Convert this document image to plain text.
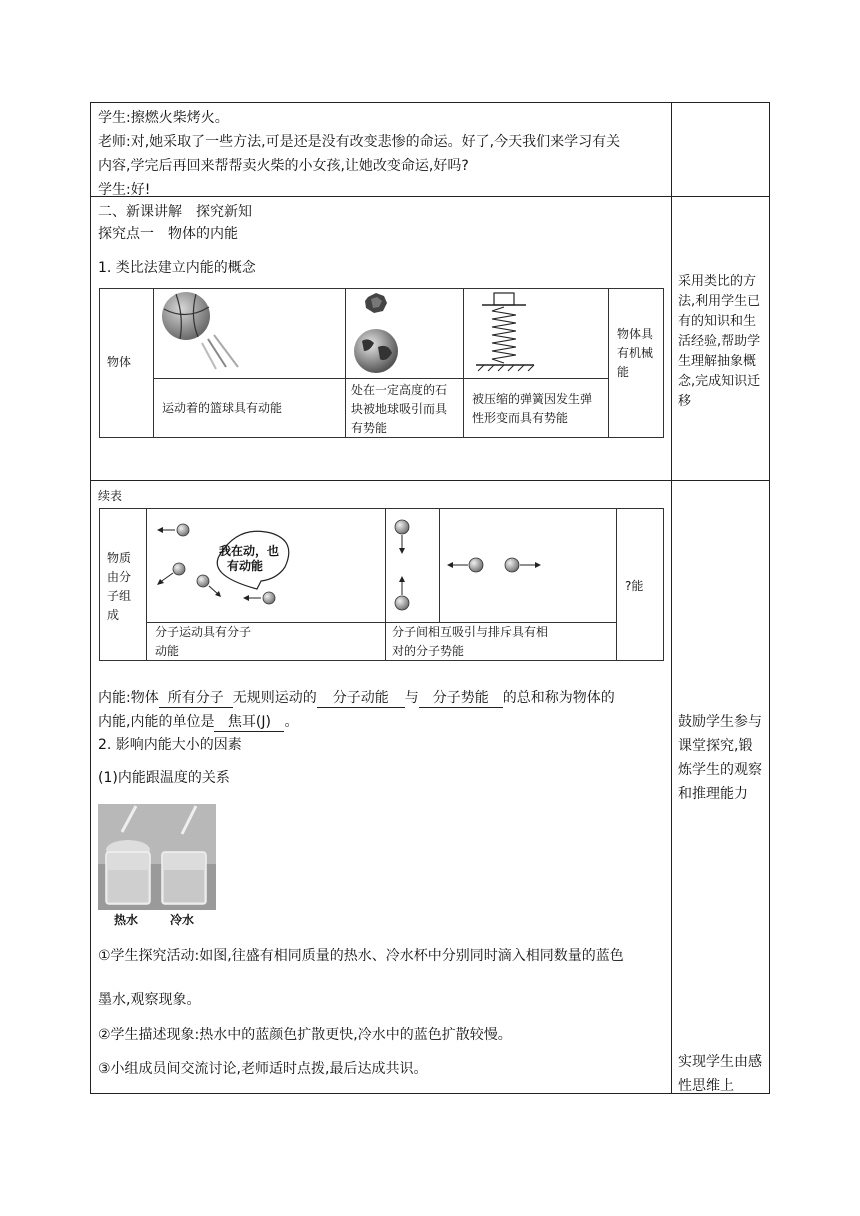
学生:擦燃火柴烤火。
老师:对,她采取了一些方法,可是还是没有改变悲惨的命运。好了,今天我们来学习有关
内容,学完后再回来帮帮卖火柴的小女孩,让她改变命运,好吗?
学生:好!
二、新课讲解　探究新知
探究点一　物体的内能
1. 类比法建立内能的概念
物体
物体具有机械能
运动着的篮球具有动能
处在一定高度的石块被地球吸引而具有势能
被压缩的弹簧因发生弹性形变而具有势能
采用类比的方法,利用学生已有的知识和生活经验,帮助学生理解抽象概念,完成知识迁移
续表
物质由分子组成
我在动，也有动能
?能
分子运动具有分子动能
分子间相互吸引与排斥具有相对的分子势能
内能:物体 所有分子 无规则运动的 分子动能 与 分子势能 的总和称为物体的
内能,内能的单位是 焦耳(J) 。
2. 影响内能大小的因素
(1)内能跟温度的关系
热水	冷水
①学生探究活动:如图,往盛有相同质量的热水、冷水杯中分别同时滴入相同数量的蓝色
墨水,观察现象。
②学生描述现象:热水中的蓝颜色扩散更快,冷水中的蓝色扩散较慢。
③小组成员间交流讨论,老师适时点拨,最后达成共识。
鼓励学生参与课堂探究,锻炼学生的观察和推理能力
实现学生由感性思维上
